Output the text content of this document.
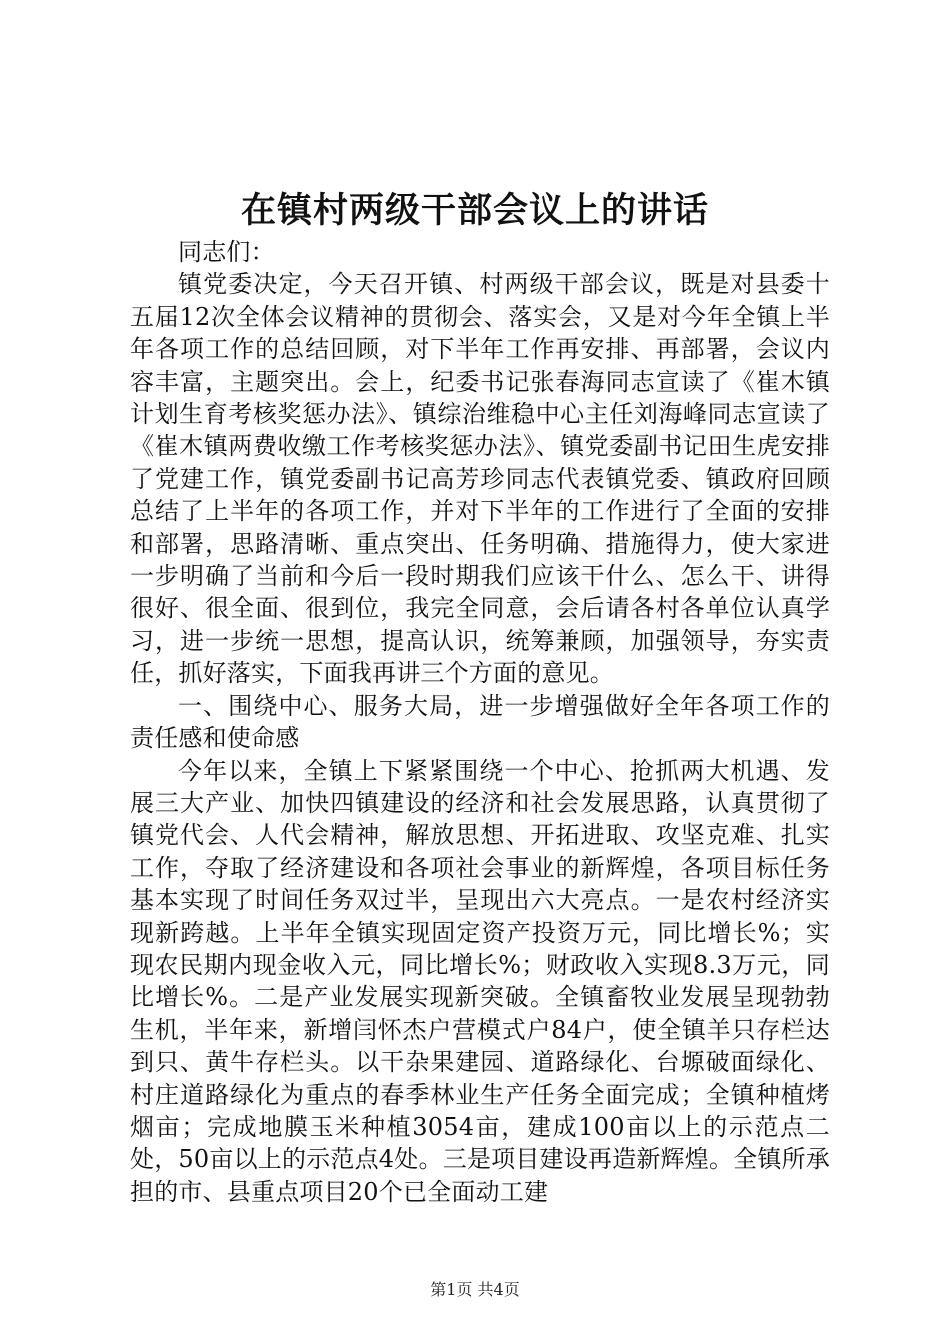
在镇村两级干部会议上的讲话

同志们：

镇党委决定，今天召开镇、村两级干部会议，既是对县委十五届12次全体会议精神的贯彻会、落实会，又是对今年全镇上半年各项工作的总结回顾，对下半年工作再安排、再部署，会议内容丰富，主题突出。会上，纪委书记张春海同志宣读了《崔木镇计划生育考核奖惩办法》、镇综治维稳中心主任刘海峰同志宣读了《崔木镇两费收缴工作考核奖惩办法》、镇党委副书记田生虎安排了党建工作，镇党委副书记高芳珍同志代表镇党委、镇政府回顾总结了上半年的各项工作，并对下半年的工作进行了全面的安排和部署，思路清晰、重点突出、任务明确、措施得力，使大家进一步明确了当前和今后一段时期我们应该干什么、怎么干、讲得很好、很全面、很到位，我完全同意，会后请各村各单位认真学习，进一步统一思想，提高认识，统筹兼顾，加强领导，夯实责任，抓好落实，下面我再讲三个方面的意见。

一、围绕中心、服务大局，进一步增强做好全年各项工作的责任感和使命感

今年以来，全镇上下紧紧围绕一个中心、抢抓两大机遇、发展三大产业、加快四镇建设的经济和社会发展思路，认真贯彻了镇党代会、人代会精神，解放思想、开拓进取、攻坚克难、扎实工作，夺取了经济建设和各项社会事业的新辉煌，各项目标任务基本实现了时间任务双过半，呈现出六大亮点。一是农村经济实现新跨越。上半年全镇实现固定资产投资万元，同比增长%；实现农民期内现金收入元，同比增长%；财政收入实现8.3万元，同比增长%。二是产业发展实现新突破。全镇畜牧业发展呈现勃勃生机，半年来，新增闫怀杰户营模式户84户，使全镇羊只存栏达到只、黄牛存栏头。以干杂果建园、道路绿化、台塬破面绿化、村庄道路绿化为重点的春季林业生产任务全面完成；全镇种植烤烟亩；完成地膜玉米种植3054亩，建成100亩以上的示范点二处，50亩以上的示范点4处。三是项目建设再造新辉煌。全镇所承担的市、县重点项目20个已全面动工建

第1页 共4页
